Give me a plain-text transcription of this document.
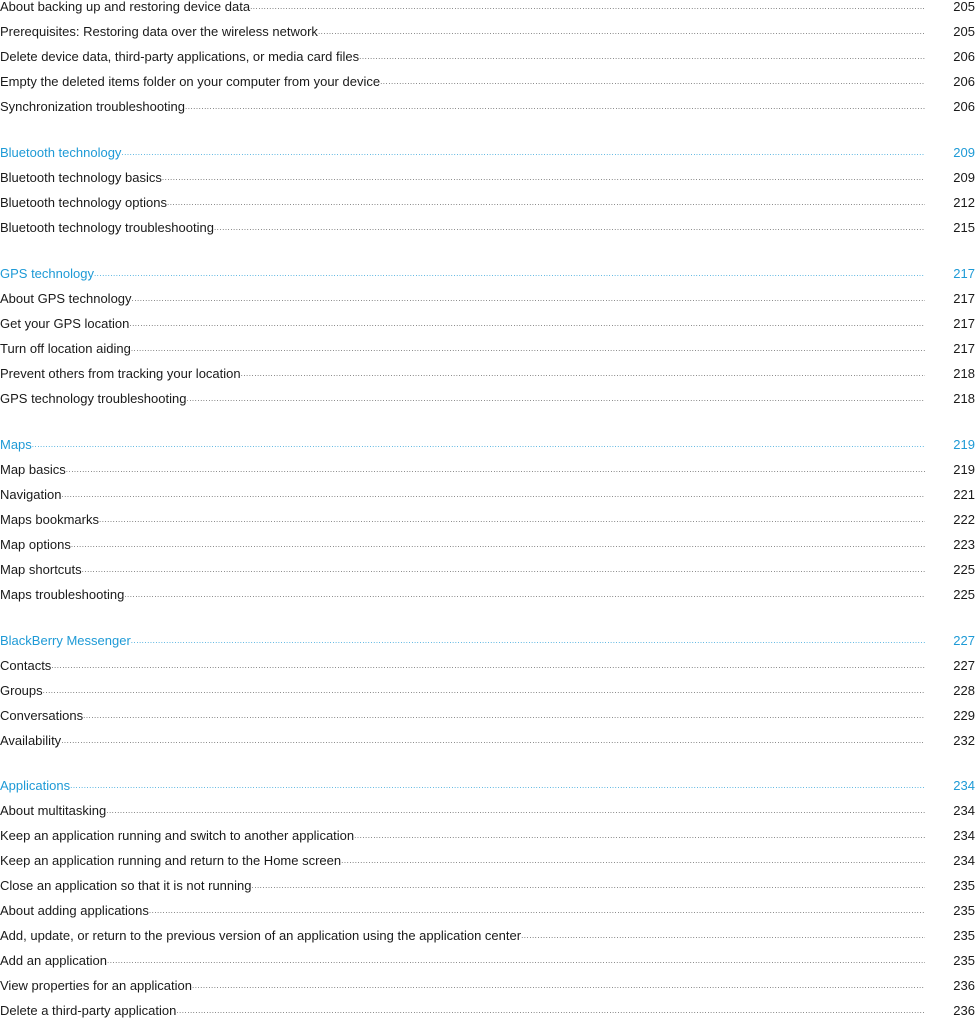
About backing up and restoring device data .....	205
Prerequisites: Restoring data over the wireless network .....	205
Delete device data, third-party applications, or media card files .....	206
Empty the deleted items folder on your computer from your device .....	206
Synchronization troubleshooting .....	206
Bluetooth technology .....	209
Bluetooth technology basics .....	209
Bluetooth technology options .....	212
Bluetooth technology troubleshooting .....	215
GPS technology .....	217
About GPS technology .....	217
Get your GPS location .....	217
Turn off location aiding .....	217
Prevent others from tracking your location .....	218
GPS technology troubleshooting .....	218
Maps .....	219
Map basics .....	219
Navigation .....	221
Maps bookmarks .....	222
Map options .....	223
Map shortcuts .....	225
Maps troubleshooting .....	225
BlackBerry Messenger .....	227
Contacts .....	227
Groups .....	228
Conversations .....	229
Availability .....	232
Applications .....	234
About multitasking .....	234
Keep an application running and switch to another application .....	234
Keep an application running and return to the Home screen .....	234
Close an application so that it is not running .....	235
About adding applications .....	235
Add, update, or return to the previous version of an application using the application center .....	235
Add an application .....	235
View properties for an application .....	236
Delete a third-party application .....	236
